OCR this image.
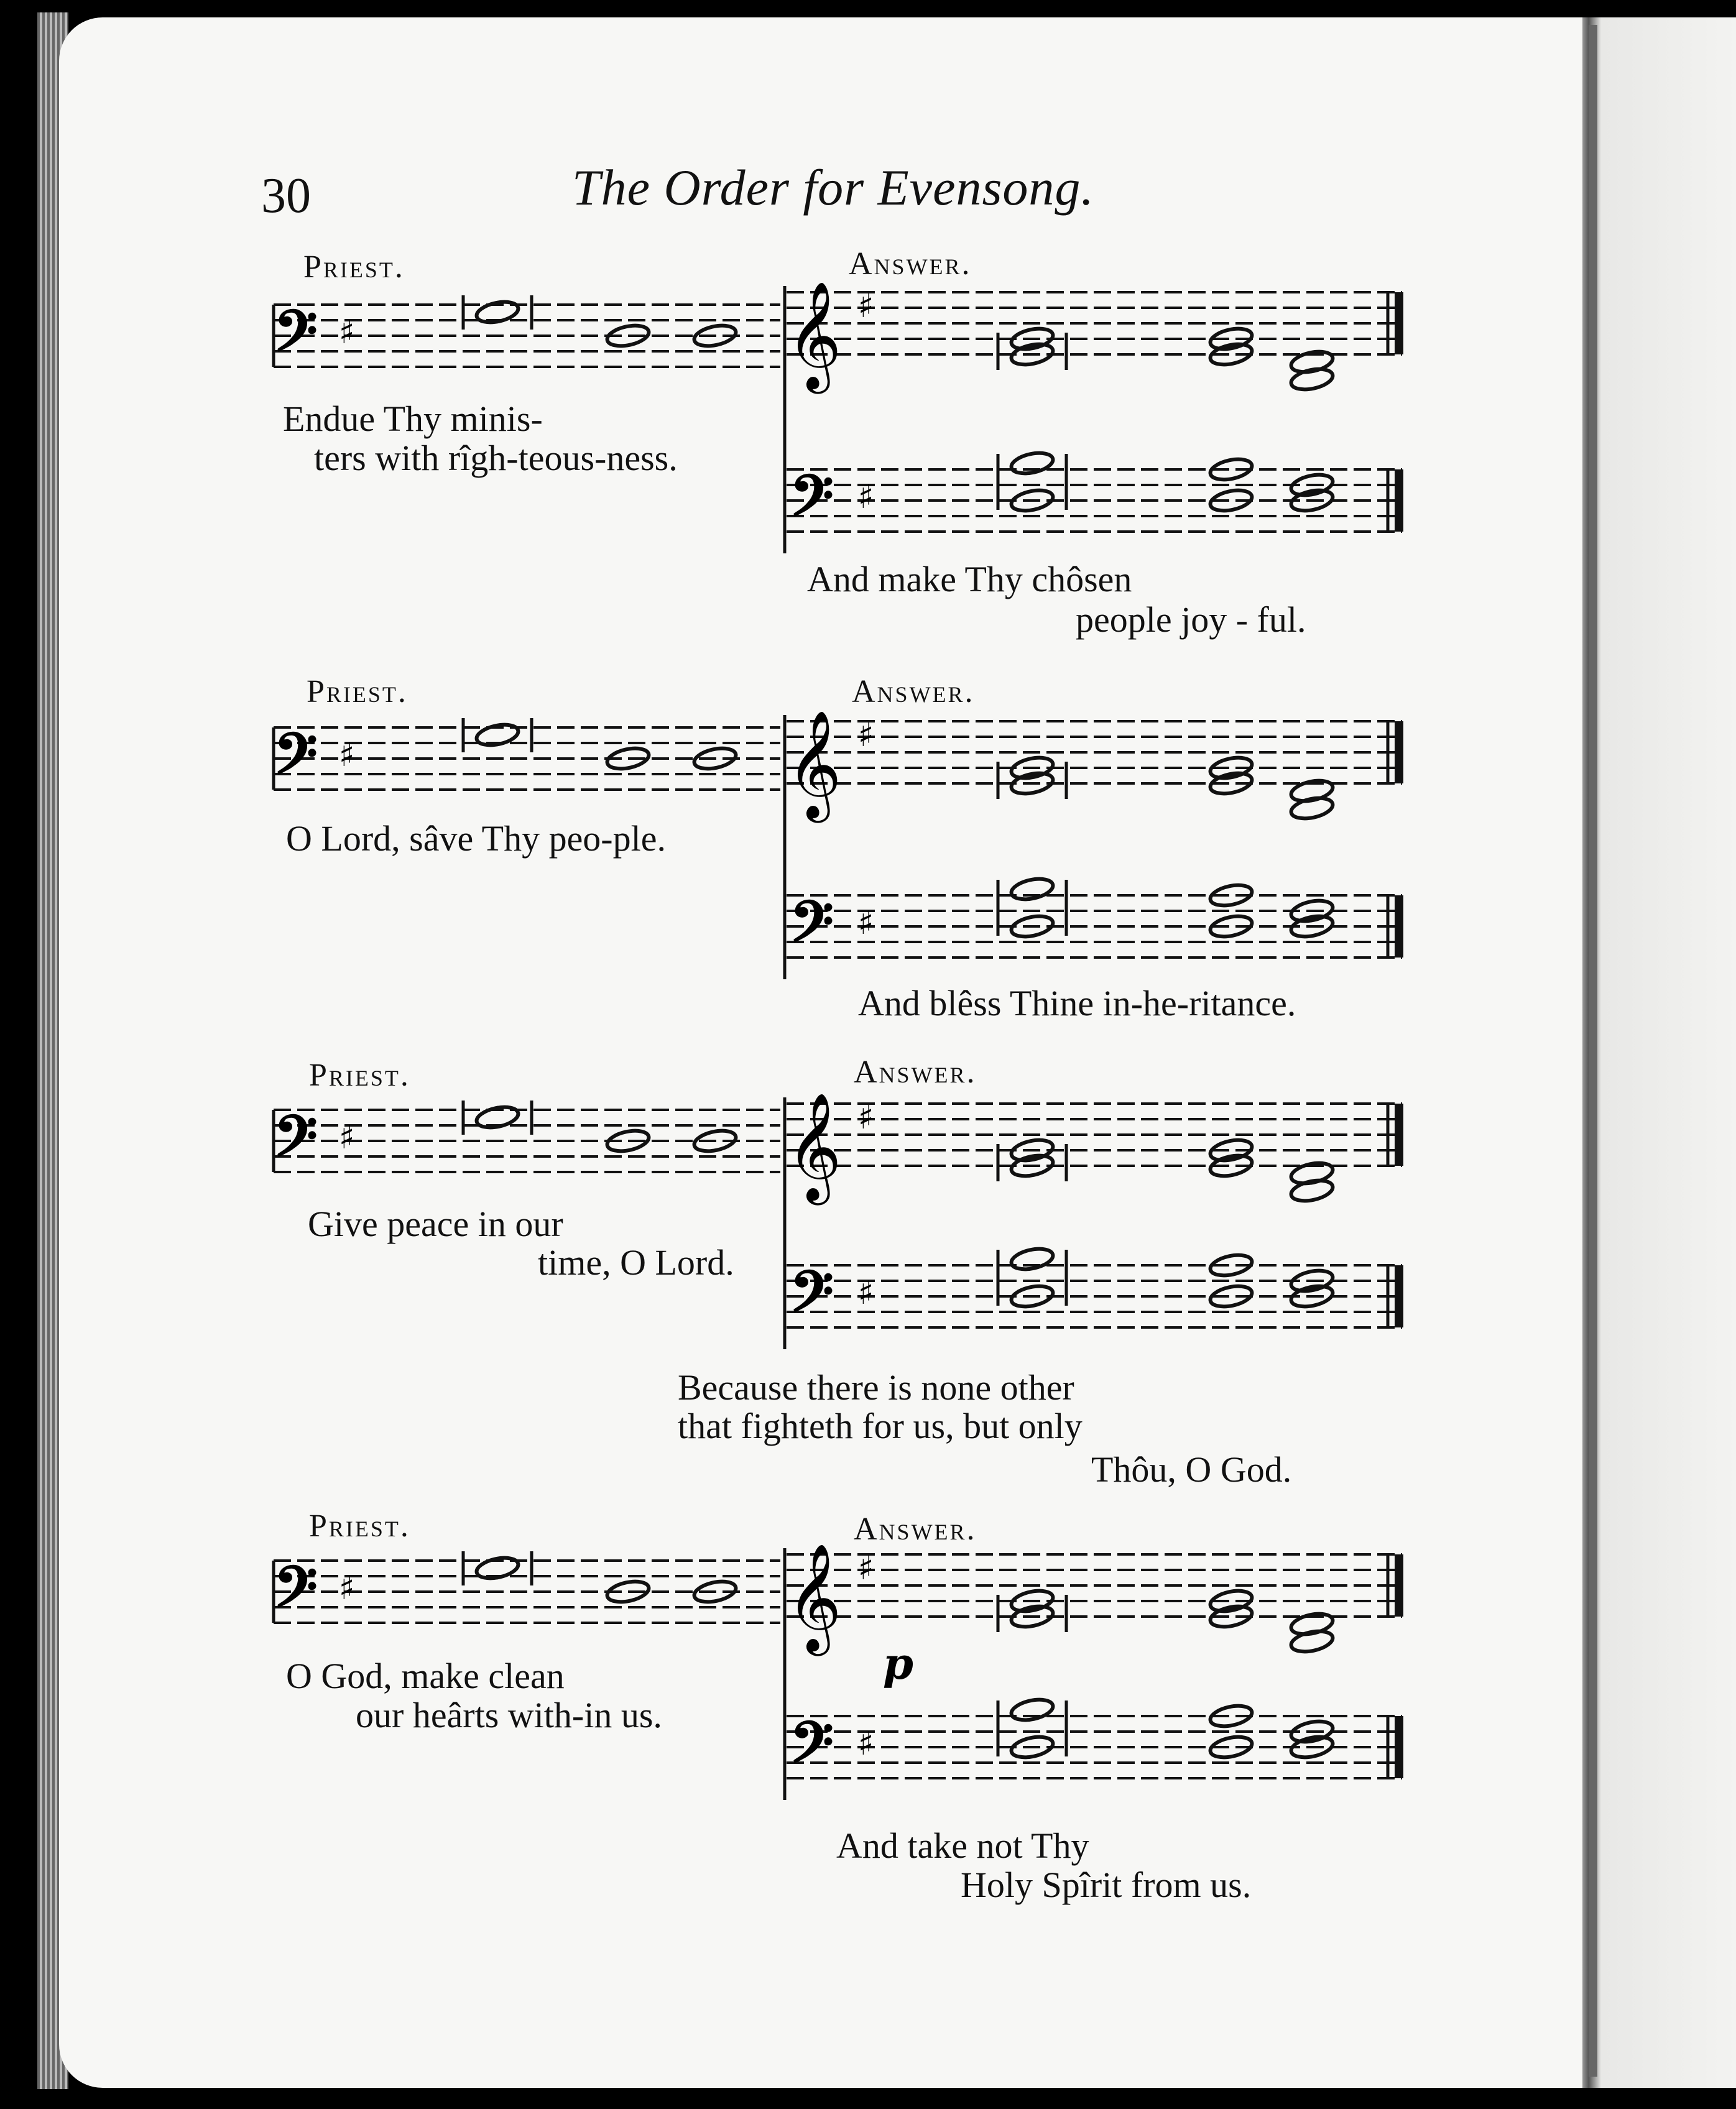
30	The Order for Evensong.
Priest.	Answer.
Priest.	Answer.
Priest.	Answer.
Priest.	Answer.
Endue Thy minis-
ters with rîgh-teous-ness.
And make Thy chôsen
people joy - ful.
O Lord, sâve Thy peo-ple.
And blêss Thine in-he-ritance.
Give peace in our
time, O Lord.
Because there is none other
that fighteth for us, but only
Thôu, O God.
O God, make clean
our heârts with-in us.
And take not Thy
Holy Spîrit from us.
𝄢 ♯	𝄞 ♯
𝄢 ♯
𝄢 ♯	𝄞 ♯
𝄢 ♯
𝄢 ♯	𝄞 ♯
𝄢 ♯
𝄢 ♯	𝄞 ♯
𝄢 ♯
p
